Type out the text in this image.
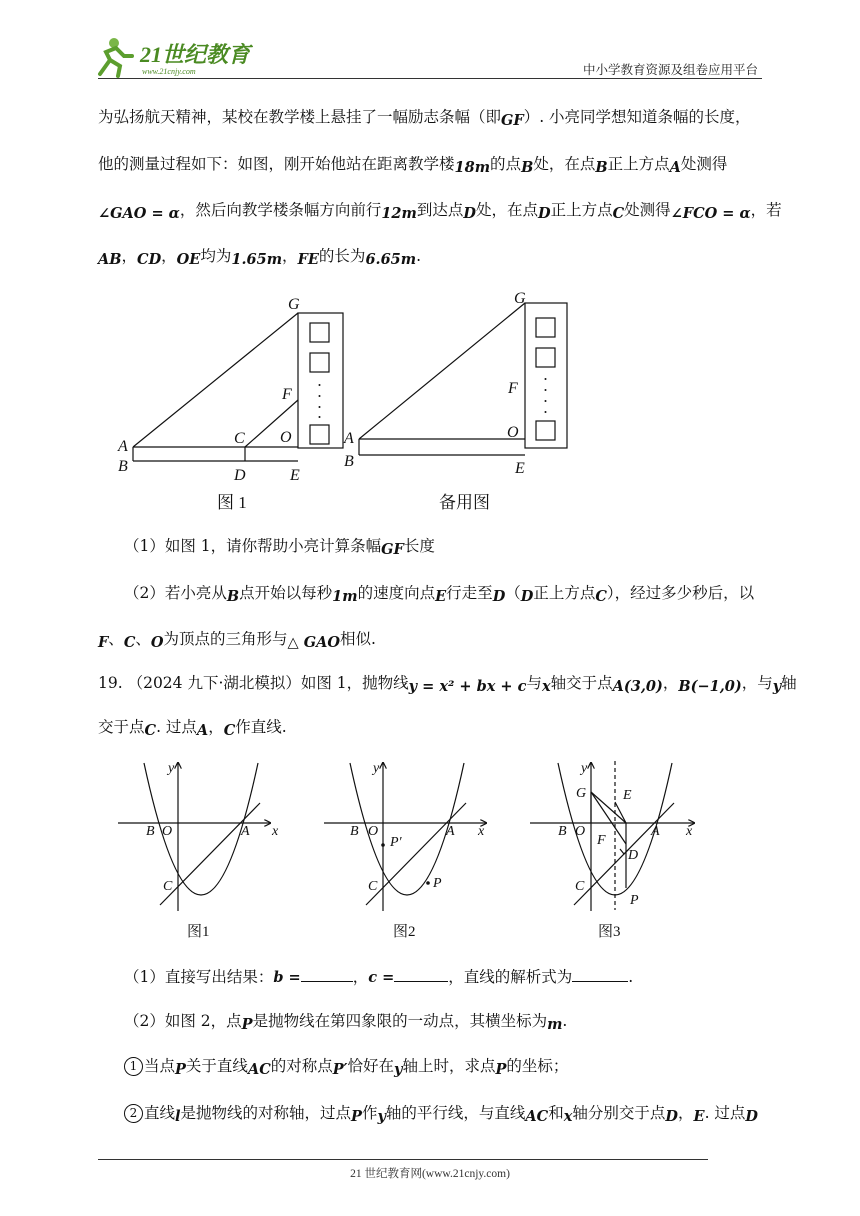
21世纪教育
www.21cnjy.com	中小学教育资源及组卷应用平台
为弘扬航天精神，某校在教学楼上悬挂了一幅励志条幅（即GF）. 小亮同学想知道条幅的长度，
他的测量过程如下：如图，刚开始他站在距离教学楼18m的点B处，在点B正上方点A处测得
∠GAO = α，然后向教学楼条幅方向前行12m到达点D处，在点D正上方点C处测得∠FCO = α，若
AB，CD，OE均为1.65m，FE的长为6.65m.
G
F
O
C
A
B
D	E
G
F
O
A
B	E
图 1	备用图
（1）如图 1，请你帮助小亮计算条幅GF长度
（2）若小亮从B点开始以每秒1m的速度向点E行走至D（D正上方点C），经过多少秒后，以
F、C、O为顶点的三角形与△ GAO相似.
19. （2024 九下·湖北模拟）如图 1，抛物线y = x² + bx + c与x轴交于点A(3,0)，B(−1,0)，与y轴
交于点C. 过点A，C作直线.
y
x
B O	A
C
y
x
B O	A
C
P′
P
y
x
B O	A
C
G	E
F
D
P
图1	图2	图3
（1）直接写出结果：b =	，c =	，直线的解析式为	.
（2）如图 2，点P是抛物线在第四象限的一动点，其横坐标为m.
1 当点P关于直线AC的对称点P′恰好在y轴上时，求点P的坐标；
2 直线l是抛物线的对称轴，过点P作y轴的平行线，与直线AC和x轴分别交于点D，E. 过点D
21 世纪教育网(www.21cnjy.com)
